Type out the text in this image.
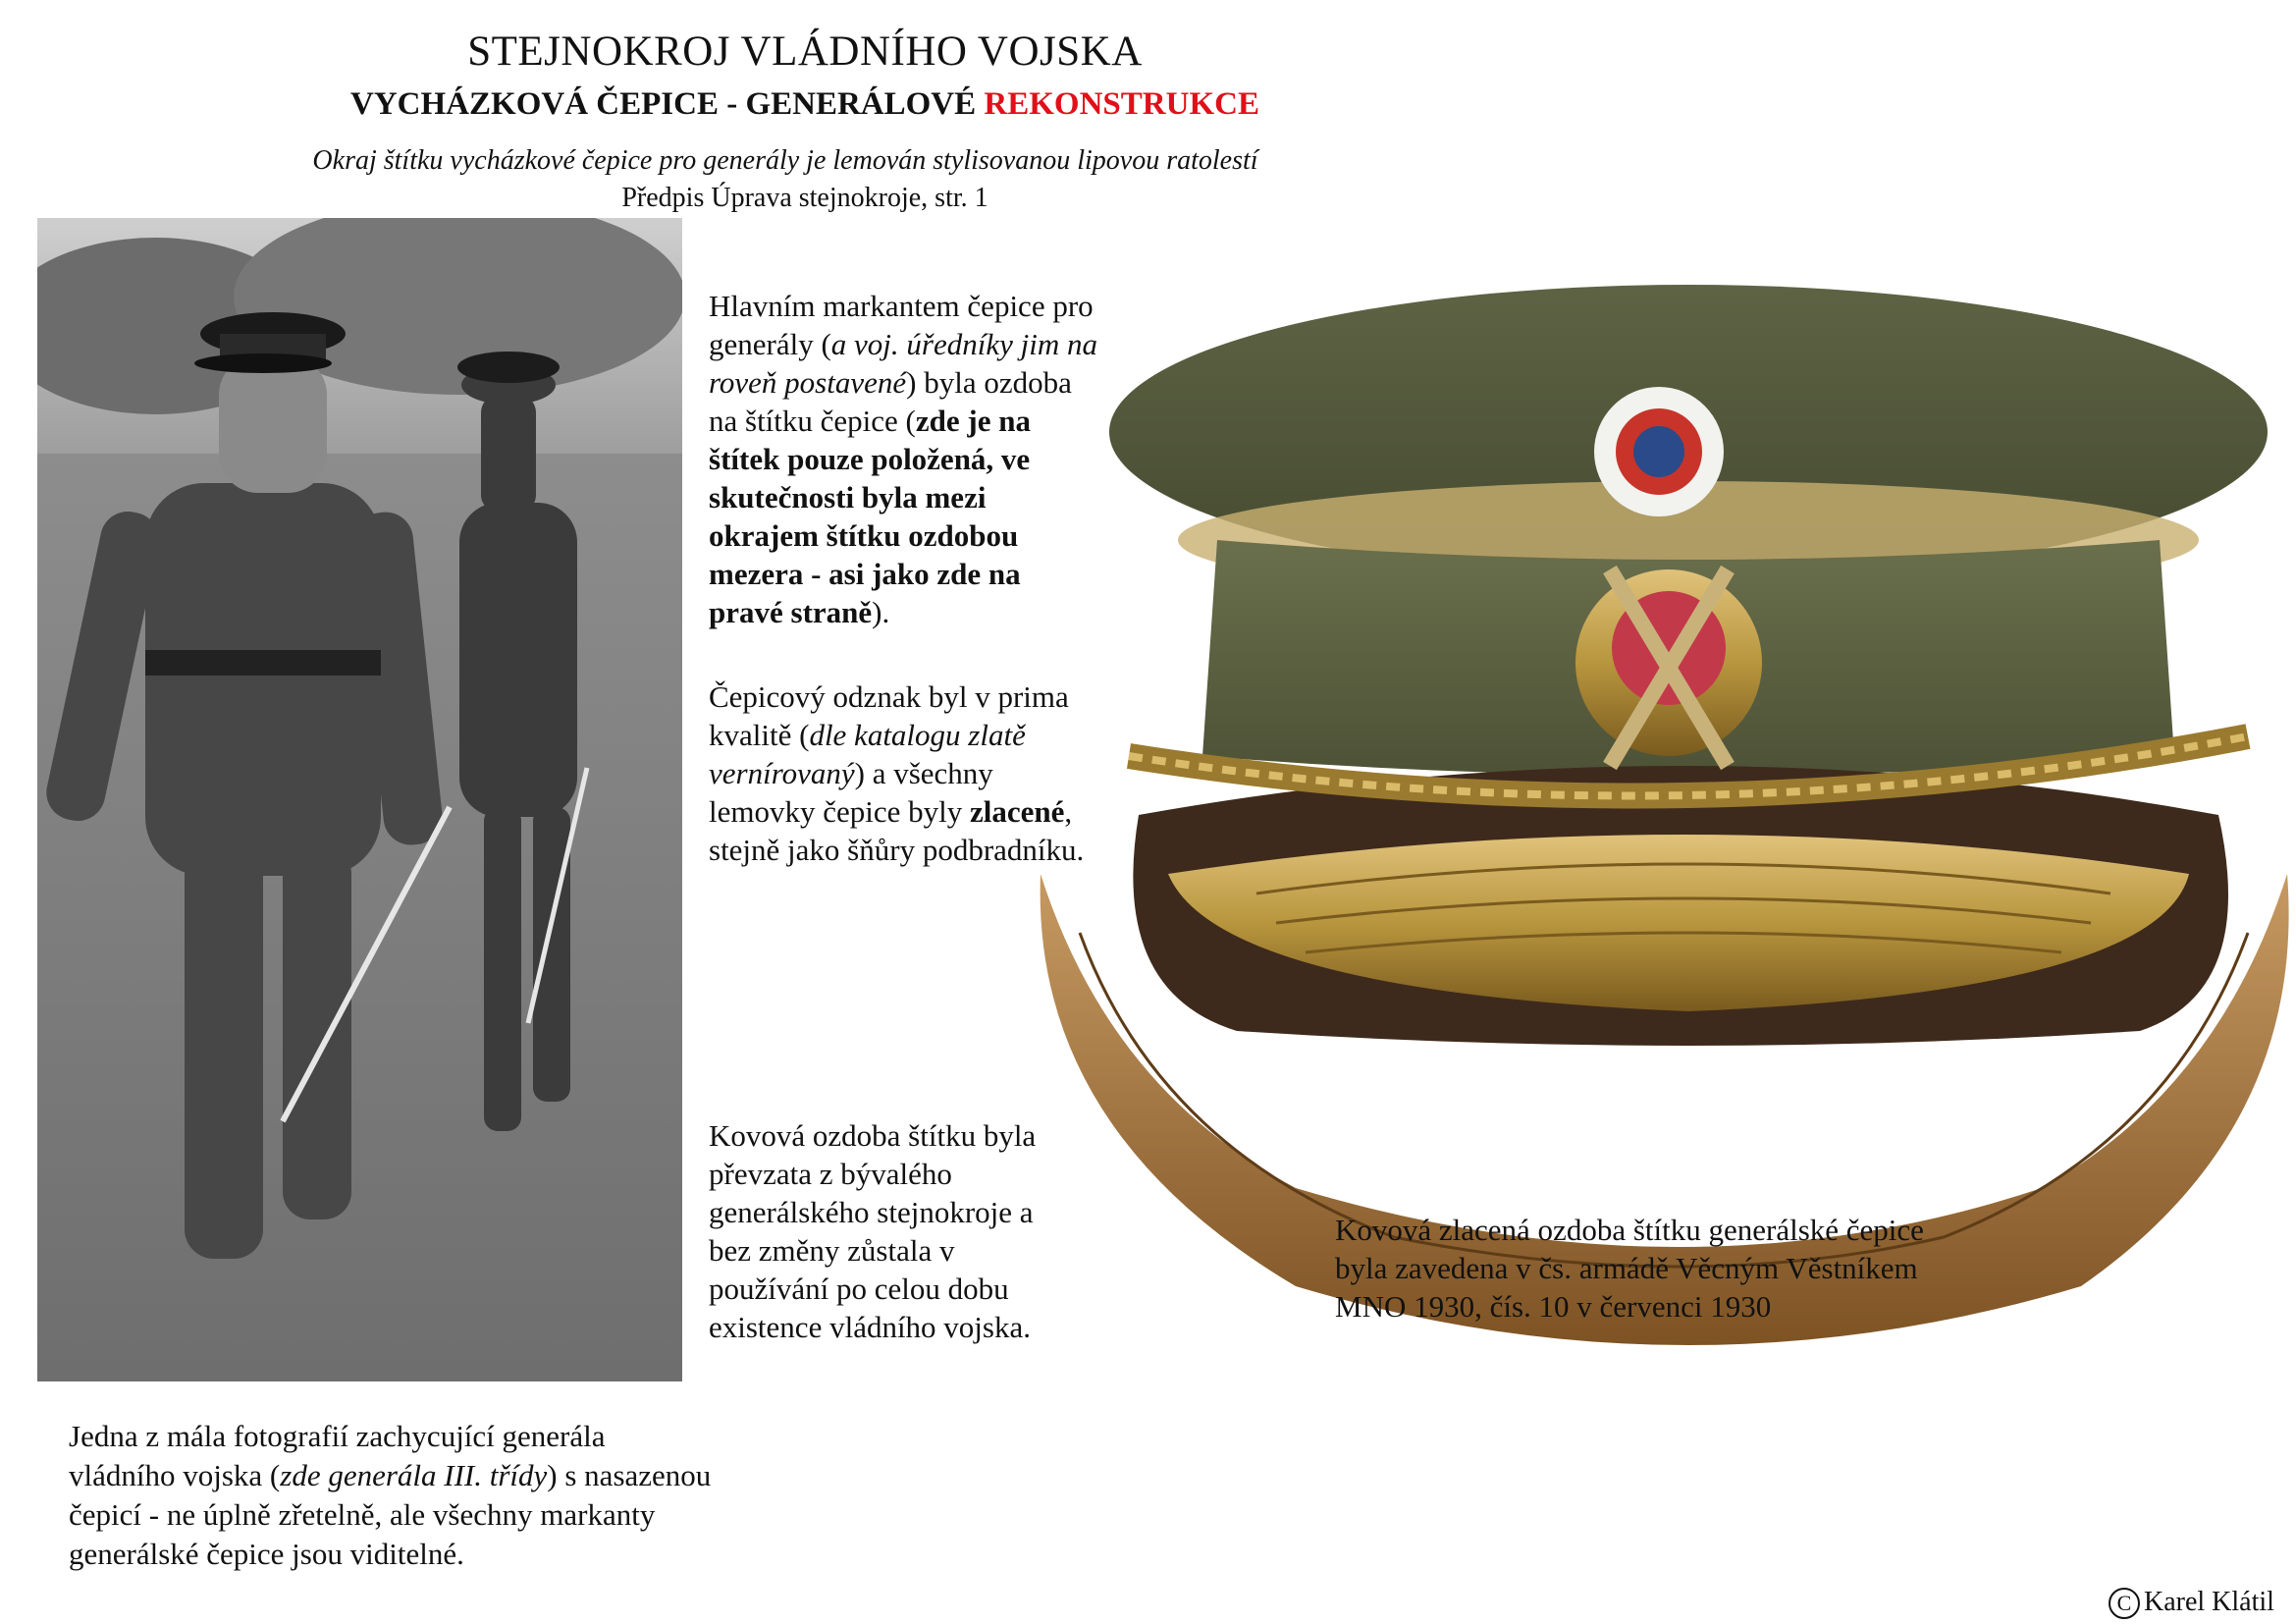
STEJNOKROJ VLÁDNÍHO VOJSKA
VYCHÁZKOVÁ ČEPICE - GENERÁLOVÉ REKONSTRUKCE
Okraj štítku vycházkové čepice pro generály je lemován stylisovanou lipovou ratolestí
Předpis Úprava stejnokroje, str. 1
Hlavním markantem čepice pro generály (a voj. úředníky jim na roveň postavené) byla ozdoba na štítku čepice (zde je na štítek pouze položená, ve skutečnosti byla mezi okrajem štítku ozdobou mezera - asi jako zde na pravé straně).
Čepicový odznak byl v prima kvalitě (dle katalogu zlatě vernírovaný) a všechny lemovky čepice byly zlacené, stejně jako šňůry podbradníku.
Kovová ozdoba štítku byla převzata z bývalého generálského stejnokroje a bez změny zůstala v používání po celou dobu existence vládního vojska.
Kovová zlacená ozdoba štítku generálské čepice byla zavedena v čs. armádě Věcným Věstníkem MNO 1930, čís. 10 v červenci 1930
Jedna z mála fotografií zachycující generála vládního vojska (zde generála III. třídy) s nasazenou čepicí - ne úplně zřetelně, ale všechny markanty generálské čepice jsou viditelné.
C Karel Klátil
